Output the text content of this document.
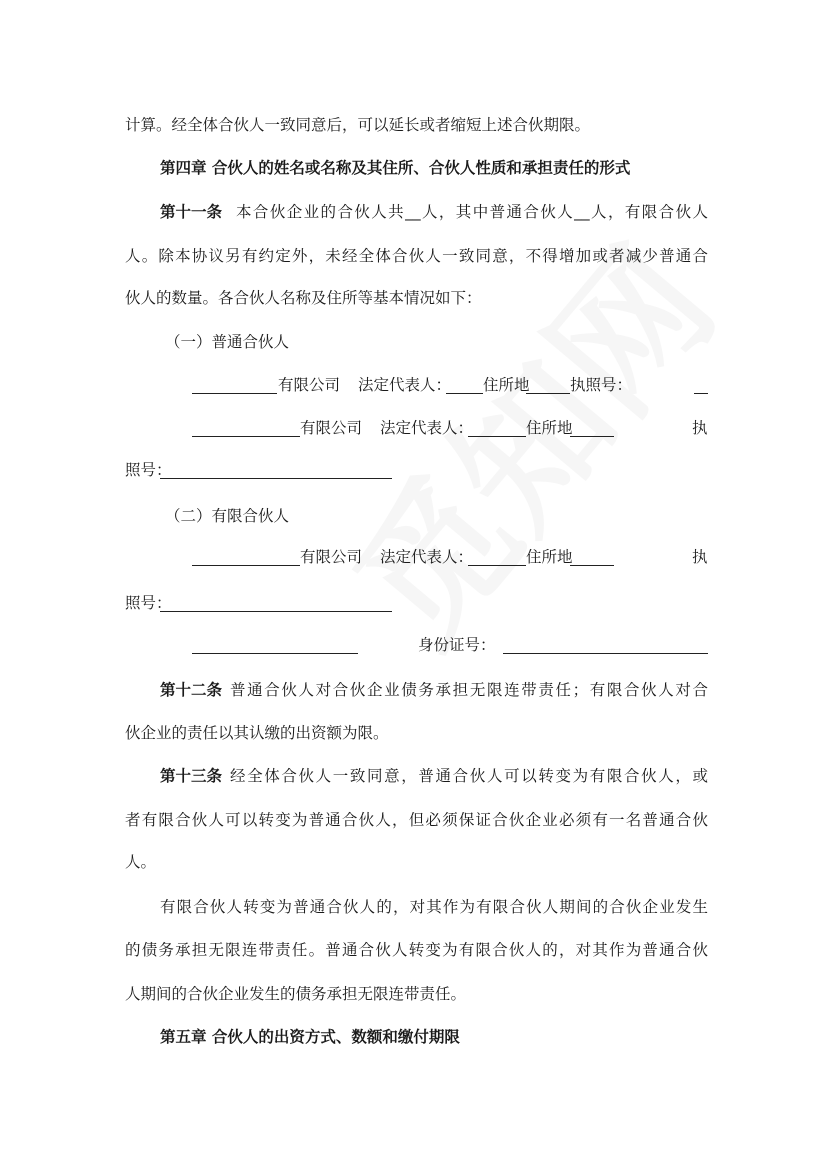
计算。经全体合伙人一致同意后，可以延长或者缩短上述合伙期限。
第四章 合伙人的姓名或名称及其住所、合伙人性质和承担责任的形式
第十一条 本合伙企业的合伙人共__人，其中普通合伙人__人，有限合伙人
人。除本协议另有约定外，未经全体合伙人一致同意，不得增加或者减少普通合
伙人的数量。各合伙人名称及住所等基本情况如下：
（一）普通合伙人
有限公司 法定代表人： 住所地	执照号：
有限公司 法定代表人：	住所地	执
照号：
（二）有限合伙人
有限公司 法定代表人：	住所地	执
照号：
身份证号：
第十二条 普通合伙人对合伙企业债务承担无限连带责任；有限合伙人对合
伙企业的责任以其认缴的出资额为限。
第十三条 经全体合伙人一致同意，普通合伙人可以转变为有限合伙人，或
者有限合伙人可以转变为普通合伙人，但必须保证合伙企业必须有一名普通合伙
人。
有限合伙人转变为普通合伙人的，对其作为有限合伙人期间的合伙企业发生
的债务承担无限连带责任。普通合伙人转变为有限合伙人的，对其作为普通合伙
人期间的合伙企业发生的债务承担无限连带责任。
第五章 合伙人的出资方式、数额和缴付期限
